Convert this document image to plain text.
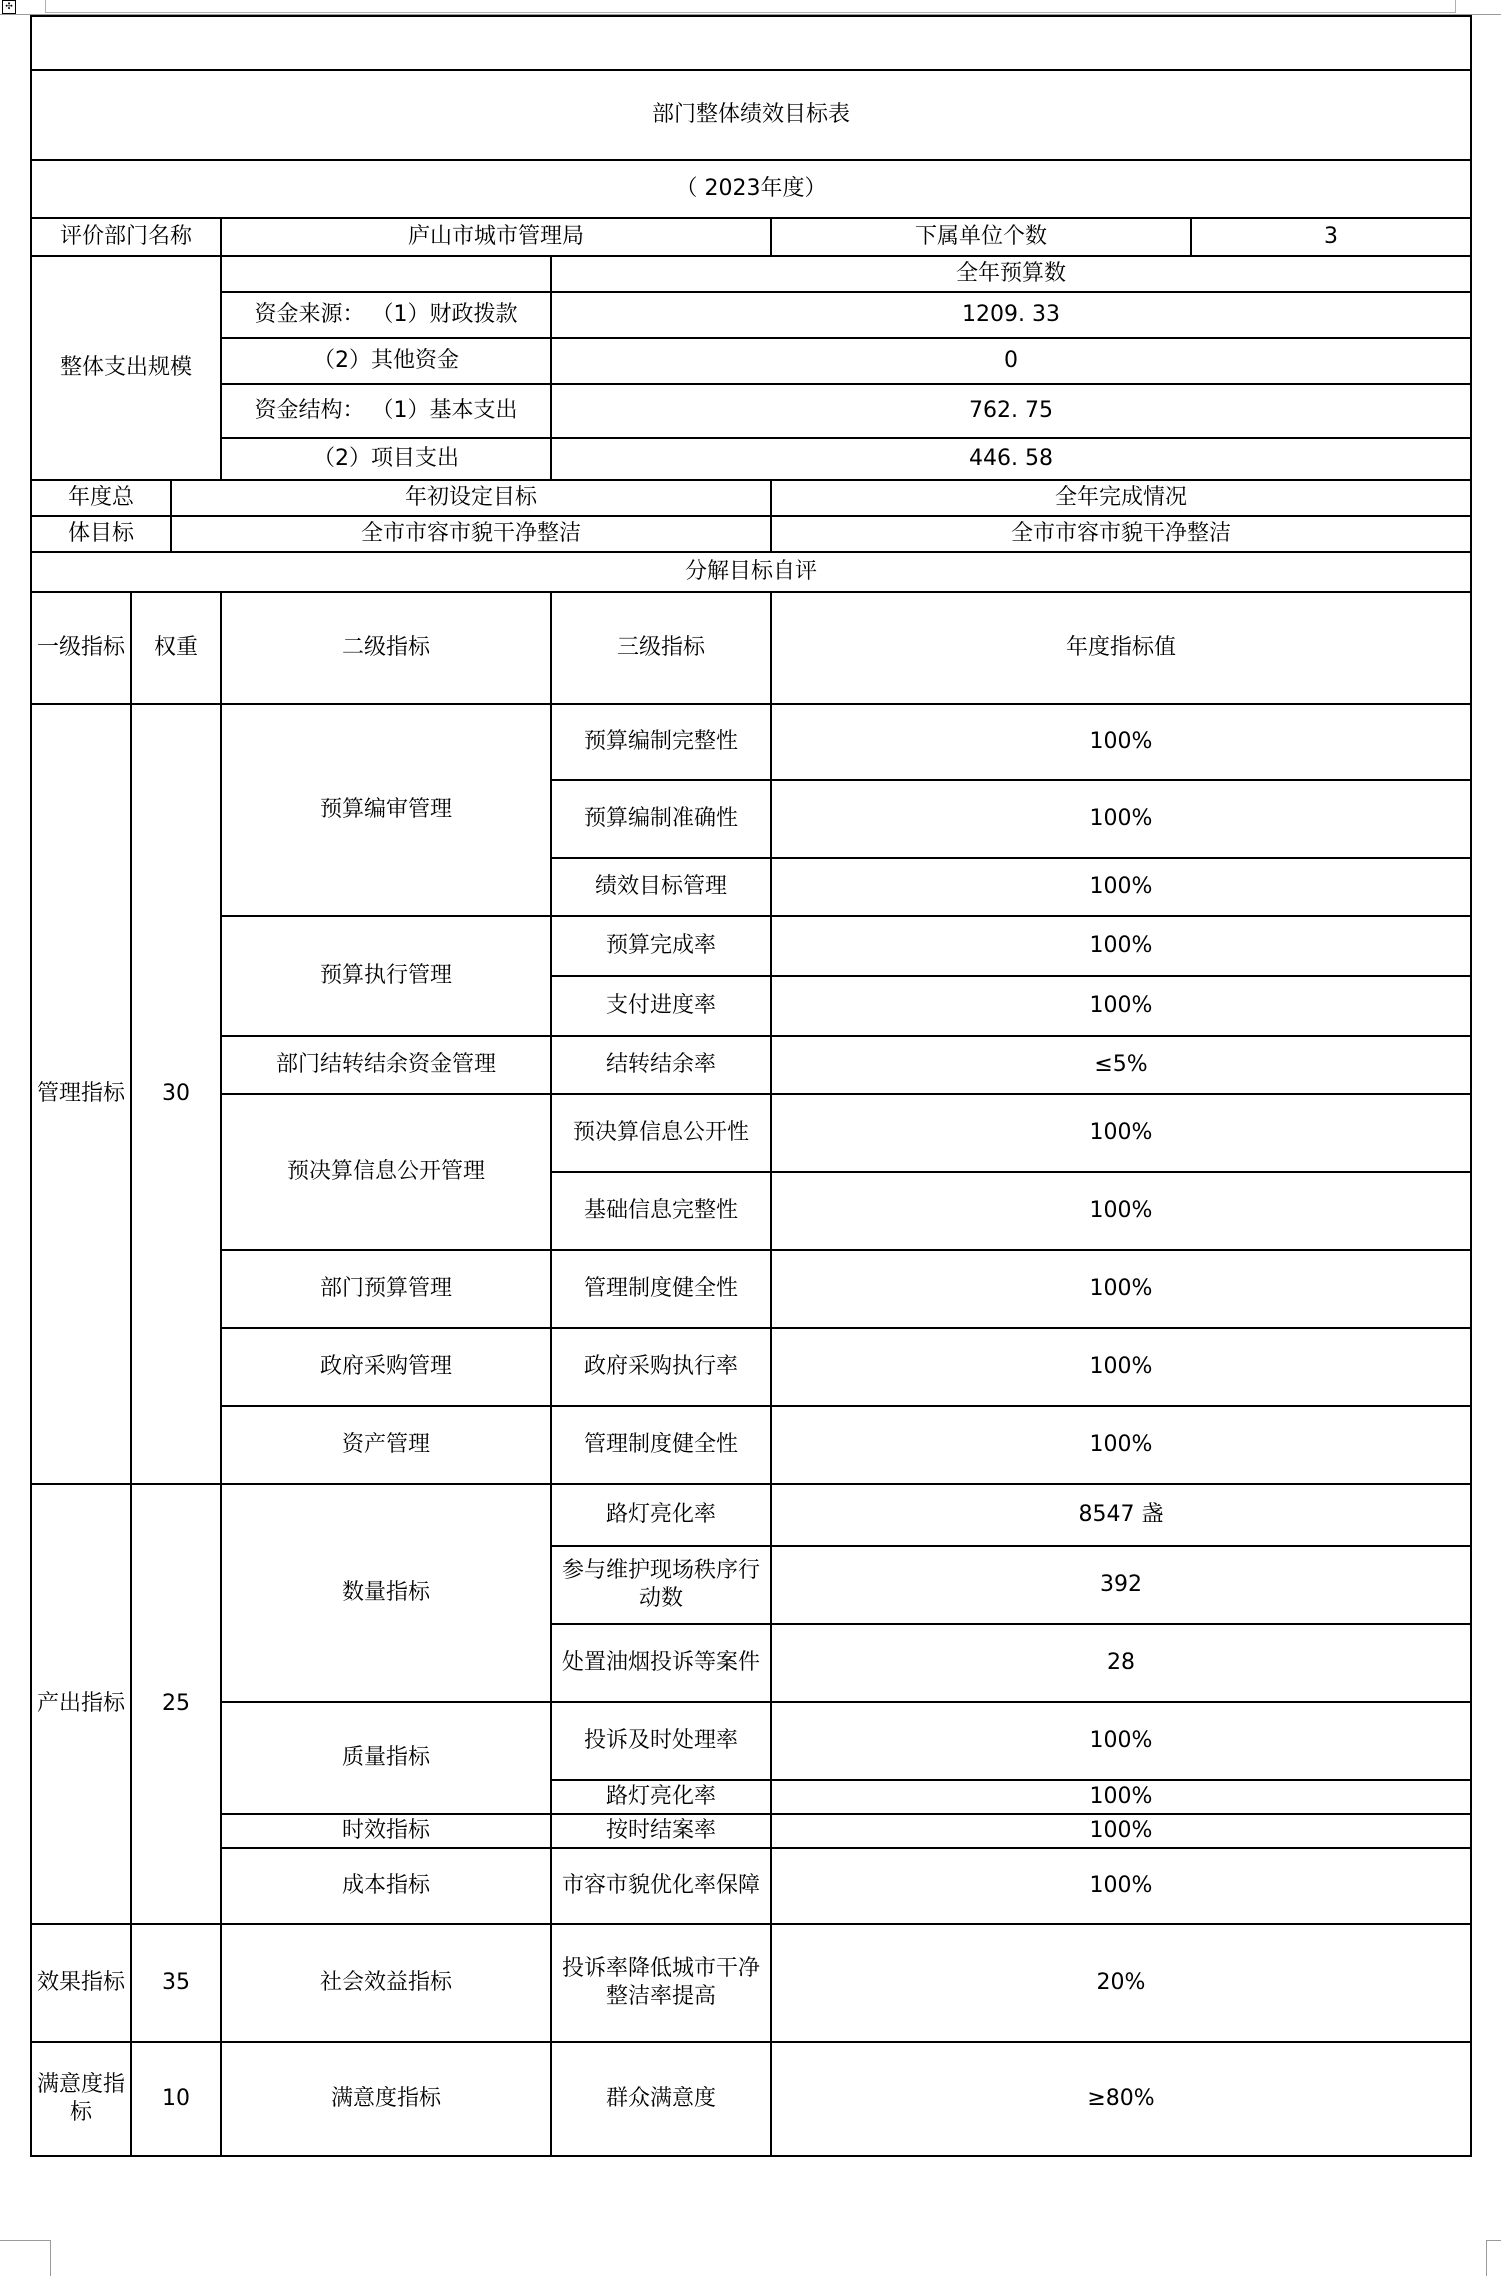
✣

部门整体绩效目标表						
（ 2023年度）						
评价部门名称			庐山市城市管理局		下属单位个数	3
整体支出规模				全年预算数		
			资金来源： （1）财政拨款	1209. 33		
			（2）其他资金	0		
			资金结构： （1）基本支出	762. 75		
			（2）项目支出	446. 58		
年度总		年初设定目标			全年完成情况	
体目标		全市市容市貌干净整洁			全市市容市貌干净整洁	
分解目标自评						
一级指标	权重		二级指标	三级指标	年度指标值	
管理指标	30		预算编审管理	预算编制完整性	100%	
				预算编制准确性	100%	
				绩效目标管理	100%	
			预算执行管理	预算完成率	100%	
				支付进度率	100%	
			部门结转结余资金管理	结转结余率	≤5%	
			预决算信息公开管理	预决算信息公开性	100%	
				基础信息完整性	100%	
			部门预算管理	管理制度健全性	100%	
			政府采购管理	政府采购执行率	100%	
			资产管理	管理制度健全性	100%	
产出指标	25		数量指标	路灯亮化率	8547 盏	
				参与维护现场秩序行动数	392	
				处置油烟投诉等案件	28	
			质量指标	投诉及时处理率	100%	
				路灯亮化率	100%	
			时效指标	按时结案率	100%	
			成本指标	市容市貌优化率保障	100%	
效果指标	35		社会效益指标	投诉率降低城市干净整洁率提高	20%	
满意度指标	10		满意度指标	群众满意度	≥80%	
